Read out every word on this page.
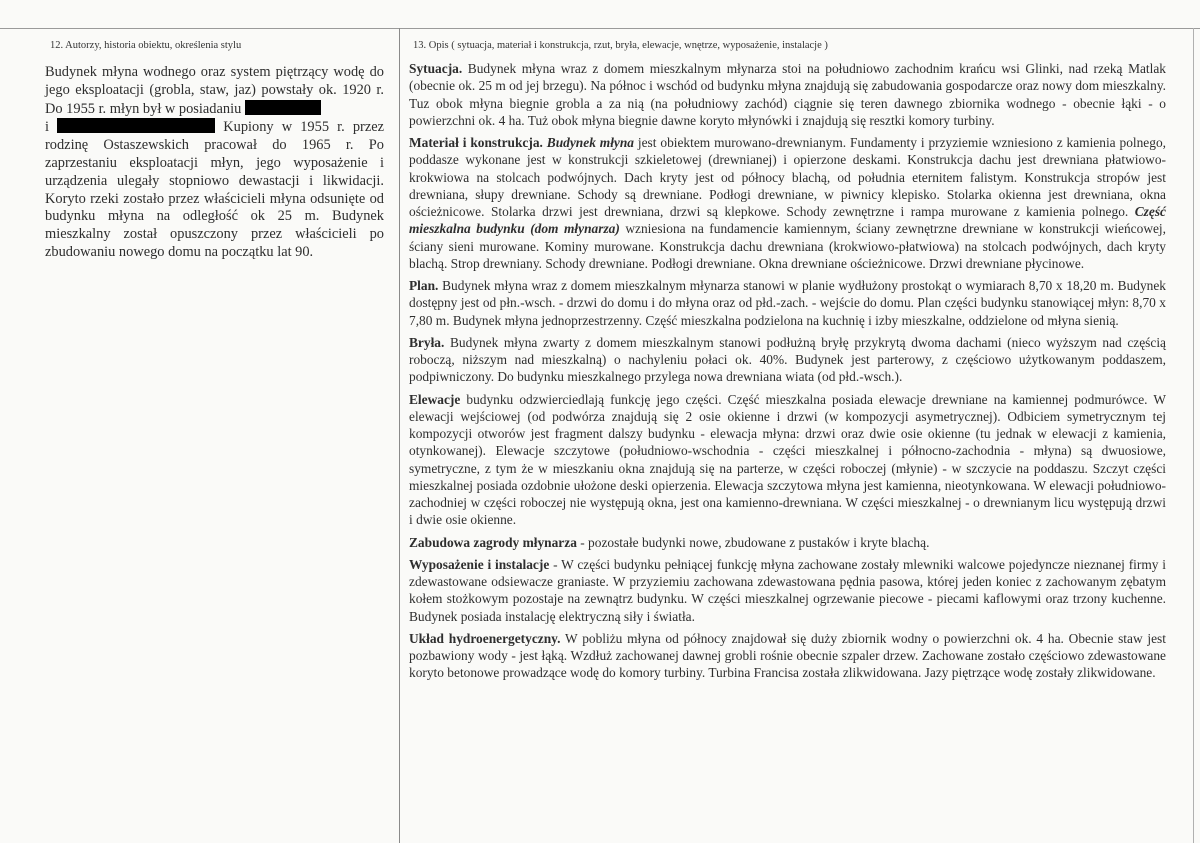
12. Autorzy, historia obiektu, określenia stylu	13. Opis ( sytuacja, materiał i konstrukcja, rzut, bryła, elewacje, wnętrze, wyposażenie, instalacje )

Budynek młyna wodnego oraz system piętrzący wodę do jego eksploatacji (grobla, staw, jaz) powstały ok. 1920 r. Do 1955 r. młyn był w posiadaniu
i	Kupiony w 1955 r. przez rodzinę Ostaszewskich pracował do 1965 r. Po zaprzestaniu eksploatacji młyn, jego wyposażenie i urządzenia ulegały stopniowo dewastacji i likwidacji. Koryto rzeki zostało przez właścicieli młyna odsunięte od budynku młyna na odległość ok 25 m. Budynek mieszkalny został opuszczony przez właścicieli po zbudowaniu nowego domu na początku lat 90.

Sytuacja. Budynek młyna wraz z domem mieszkalnym młynarza stoi na południowo zachodnim krańcu wsi Glinki, nad rzeką Matlak (obecnie ok. 25 m od jej brzegu). Na północ i wschód od budynku młyna znajdują się zabudowania gospodarcze oraz nowy dom mieszkalny. Tuz obok młyna biegnie grobla a za nią (na południowy zachód) ciągnie się teren dawnego zbiornika wodnego - obecnie łąki - o powierzchni ok. 4 ha. Tuż obok młyna biegnie dawne koryto młynówki i znajdują się resztki komory turbiny.

Materiał i konstrukcja. Budynek młyna jest obiektem murowano-drewnianym. Fundamenty i przyziemie wzniesiono z kamienia polnego, poddasze wykonane jest w konstrukcji szkieletowej (drewnianej) i opierzone deskami. Konstrukcja dachu jest drewniana płatwiowo-krokwiowa na stolcach podwójnych. Dach kryty jest od północy blachą, od południa eternitem falistym. Konstrukcja stropów jest drewniana, słupy drewniane. Schody są drewniane. Podłogi drewniane, w piwnicy klepisko. Stolarka okienna jest drewniana, okna ościeżnicowe. Stolarka drzwi jest drewniana, drzwi są klepkowe. Schody zewnętrzne i rampa murowane z kamienia polnego. Część mieszkalna budynku (dom młynarza) wzniesiona na fundamencie kamiennym, ściany zewnętrzne drewniane w konstrukcji wieńcowej, ściany sieni murowane. Kominy murowane. Konstrukcja dachu drewniana (krokwiowo-płatwiowa) na stolcach podwójnych, dach kryty blachą. Strop drewniany. Schody drewniane. Podłogi drewniane. Okna drewniane ościeżnicowe. Drzwi drewniane płycinowe.

Plan. Budynek młyna wraz z domem mieszkalnym młynarza stanowi w planie wydłużony prostokąt o wymiarach 8,70 x 18,20 m. Budynek dostępny jest od płn.-wsch. - drzwi do domu i do młyna oraz od płd.-zach. - wejście do domu. Plan części budynku stanowiącej młyn: 8,70 x 7,80 m. Budynek młyna jednoprzestrzenny. Część mieszkalna podzielona na kuchnię i izby mieszkalne, oddzielone od młyna sienią.

Bryła. Budynek młyna zwarty z domem mieszkalnym stanowi podłużną bryłę przykrytą dwoma dachami (nieco wyższym nad częścią roboczą, niższym nad mieszkalną) o nachyleniu połaci ok. 40%. Budynek jest parterowy, z częściowo użytkowanym poddaszem, podpiwniczony. Do budynku mieszkalnego przylega nowa drewniana wiata (od płd.-wsch.).

Elewacje budynku odzwierciedlają funkcję jego części. Część mieszkalna posiada elewacje drewniane na kamiennej podmurówce. W elewacji wejściowej (od podwórza znajdują się 2 osie okienne i drzwi (w kompozycji asymetrycznej). Odbiciem symetrycznym tej kompozycji otworów jest fragment dalszy budynku - elewacja młyna: drzwi oraz dwie osie okienne (tu jednak w elewacji z kamienia, otynkowanej). Elewacje szczytowe (południowo-wschodnia - części mieszkalnej i północno-zachodnia - młyna) są dwuosiowe, symetryczne, z tym że w mieszkaniu okna znajdują się na parterze, w części roboczej (młynie) - w szczycie na poddaszu. Szczyt części mieszkalnej posiada ozdobnie ułożone deski opierzenia. Elewacja szczytowa młyna jest kamienna, nieotynkowana. W elewacji południowo-zachodniej w części roboczej nie występują okna, jest ona kamienno-drewniana. W części mieszkalnej - o drewnianym licu występują drzwi i dwie osie okienne.

Zabudowa zagrody młynarza - pozostałe budynki nowe, zbudowane z pustaków i kryte blachą.

Wyposażenie i instalacje - W części budynku pełniącej funkcję młyna zachowane zostały mlewniki walcowe pojedyncze nieznanej firmy i zdewastowane odsiewacze graniaste. W przyziemiu zachowana zdewastowana pędnia pasowa, której jeden koniec z zachowanym zębatym kołem stożkowym pozostaje na zewnątrz budynku. W części mieszkalnej ogrzewanie piecowe - piecami kaflowymi oraz trzony kuchenne. Budynek posiada instalację elektryczną siły i światła.

Układ hydroenergetyczny. W pobliżu młyna od północy znajdował się duży zbiornik wodny o powierzchni ok. 4 ha. Obecnie staw jest pozbawiony wody - jest łąką. Wzdłuż zachowanej dawnej grobli rośnie obecnie szpaler drzew. Zachowane zostało częściowo zdewastowane koryto betonowe prowadzące wodę do komory turbiny. Turbina Francisa została zlikwidowana. Jazy piętrzące wodę zostały zlikwidowane.
